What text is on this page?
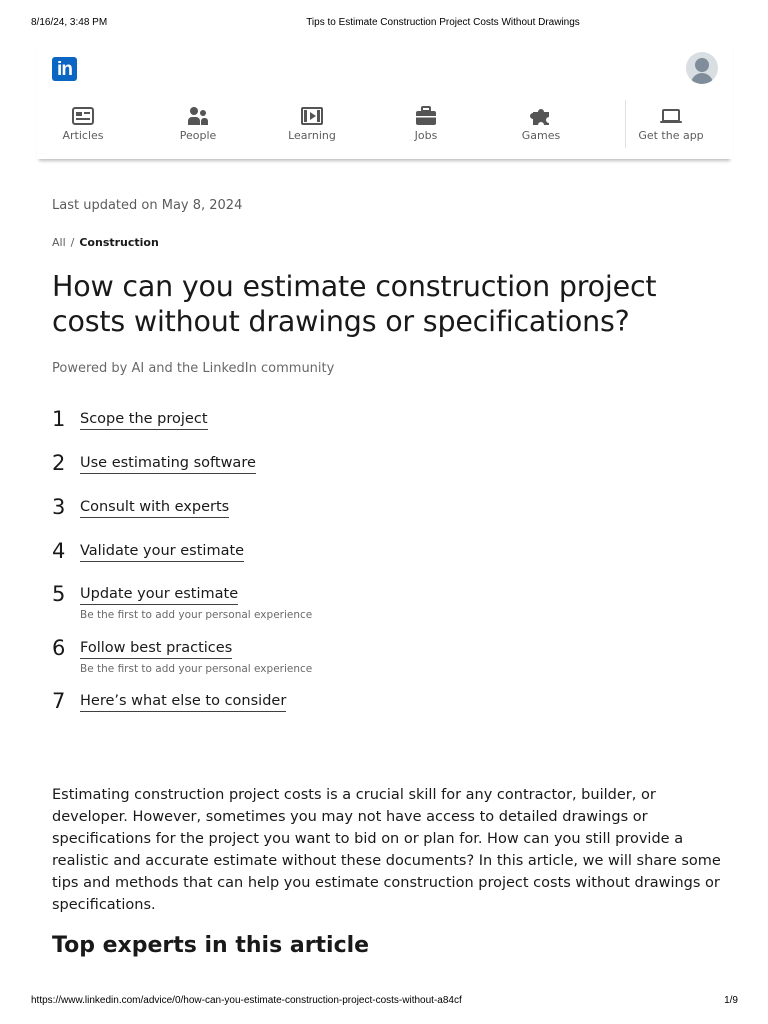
8/16/24, 3:48 PM	Tips to Estimate Construction Project Costs Without Drawings
in
Articles	People	Learning	Jobs	Games	Get the app
Last updated on May 8, 2024
All / Construction
How can you estimate construction project costs without drawings or specifications?
Powered by AI and the LinkedIn community
1 Scope the project
2 Use estimating software
3 Consult with experts
4 Validate your estimate
5 Update your estimate
Be the first to add your personal experience
6 Follow best practices
Be the first to add your personal experience
7 Here’s what else to consider

Estimating construction project costs is a crucial skill for any contractor, builder, or developer. However, sometimes you may not have access to detailed drawings or specifications for the project you want to bid on or plan for. How can you still provide a realistic and accurate estimate without these documents? In this article, we will share some tips and methods that can help you estimate construction project costs without drawings or specifications.

Top experts in this article
https://www.linkedin.com/advice/0/how-can-you-estimate-construction-project-costs-without-a84cf	1/9
